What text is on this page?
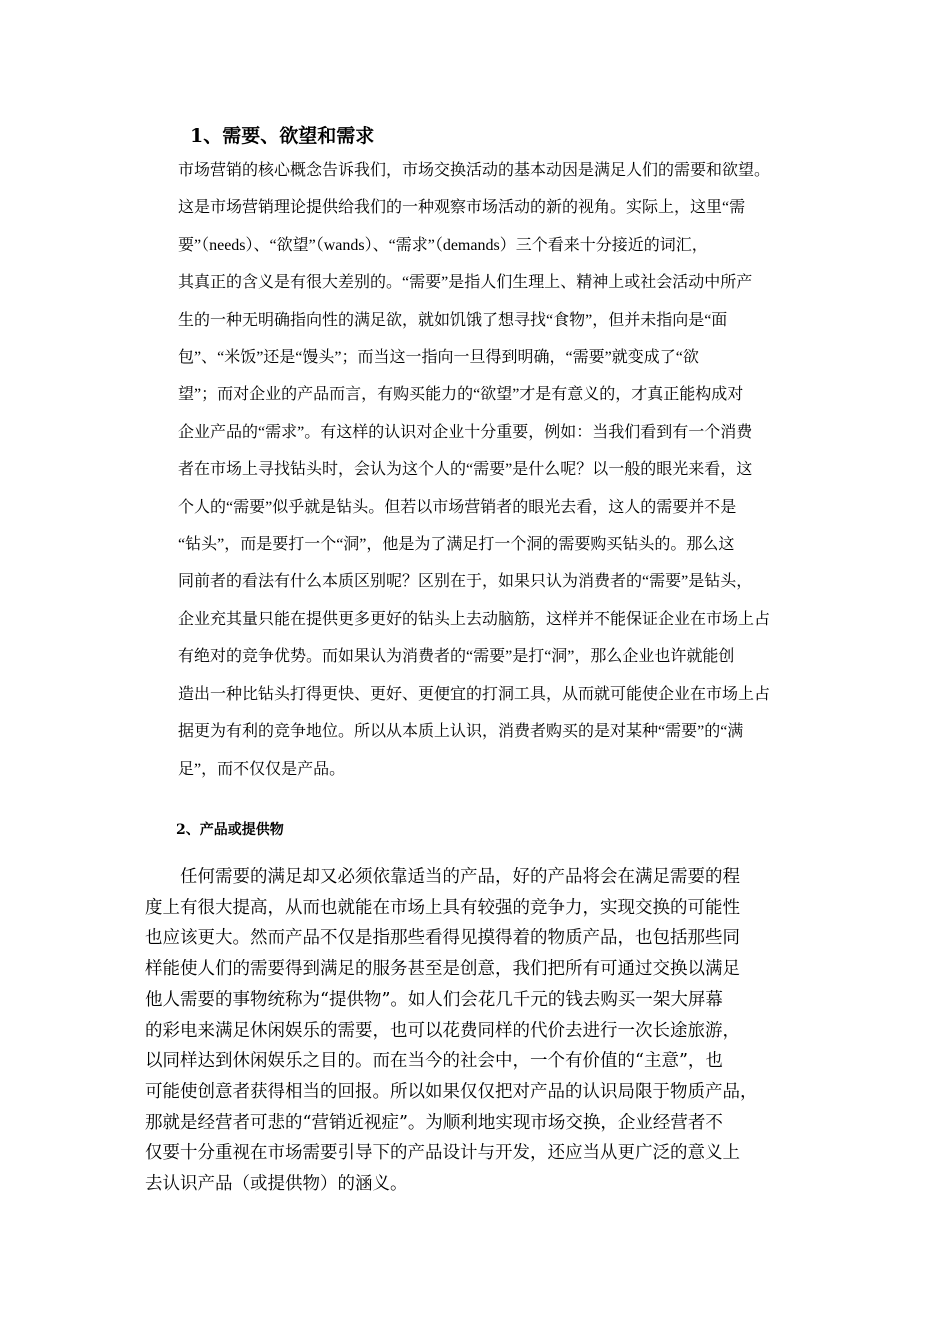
1、需要、欲望和需求
市场营销的核心概念告诉我们，市场交换活动的基本动因是满足人们的需要和欲望。
这是市场营销理论提供给我们的一种观察市场活动的新的视角。实际上，这里“需
要”（needs）、“欲望”（wands）、“需求”（demands）三个看来十分接近的词汇，
其真正的含义是有很大差别的。“需要”是指人们生理上、精神上或社会活动中所产
生的一种无明确指向性的满足欲，就如饥饿了想寻找“食物”，但并未指向是“面
包”、“米饭”还是“馒头”；而当这一指向一旦得到明确，“需要”就变成了“欲
望”；而对企业的产品而言，有购买能力的“欲望”才是有意义的，才真正能构成对
企业产品的“需求”。有这样的认识对企业十分重要，例如：当我们看到有一个消费
者在市场上寻找钻头时，会认为这个人的“需要”是什么呢？以一般的眼光来看，这
个人的“需要”似乎就是钻头。但若以市场营销者的眼光去看，这人的需要并不是
“钻头”，而是要打一个“洞”，他是为了满足打一个洞的需要购买钻头的。那么这
同前者的看法有什么本质区别呢？区别在于，如果只认为消费者的“需要”是钻头，
企业充其量只能在提供更多更好的钻头上去动脑筋，这样并不能保证企业在市场上占
有绝对的竞争优势。而如果认为消费者的“需要”是打“洞”，那么企业也许就能创
造出一种比钻头打得更快、更好、更便宜的打洞工具，从而就可能使企业在市场上占
据更为有利的竞争地位。所以从本质上认识，消费者购买的是对某种“需要”的“满
足”，而不仅仅是产品。
2、产品或提供物
　　任何需要的满足却又必须依靠适当的产品，好的产品将会在满足需要的程
度上有很大提高，从而也就能在市场上具有较强的竞争力，实现交换的可能性
也应该更大。然而产品不仅是指那些看得见摸得着的物质产品，也包括那些同
样能使人们的需要得到满足的服务甚至是创意，我们把所有可通过交换以满足
他人需要的事物统称为“提供物”。如人们会花几千元的钱去购买一架大屏幕
的彩电来满足休闲娱乐的需要，也可以花费同样的代价去进行一次长途旅游，
以同样达到休闲娱乐之目的。而在当今的社会中，一个有价值的“主意”，也
可能使创意者获得相当的回报。所以如果仅仅把对产品的认识局限于物质产品，
那就是经营者可悲的“营销近视症”。为顺利地实现市场交换，企业经营者不
仅要十分重视在市场需要引导下的产品设计与开发，还应当从更广泛的意义上
去认识产品（或提供物）的涵义。
